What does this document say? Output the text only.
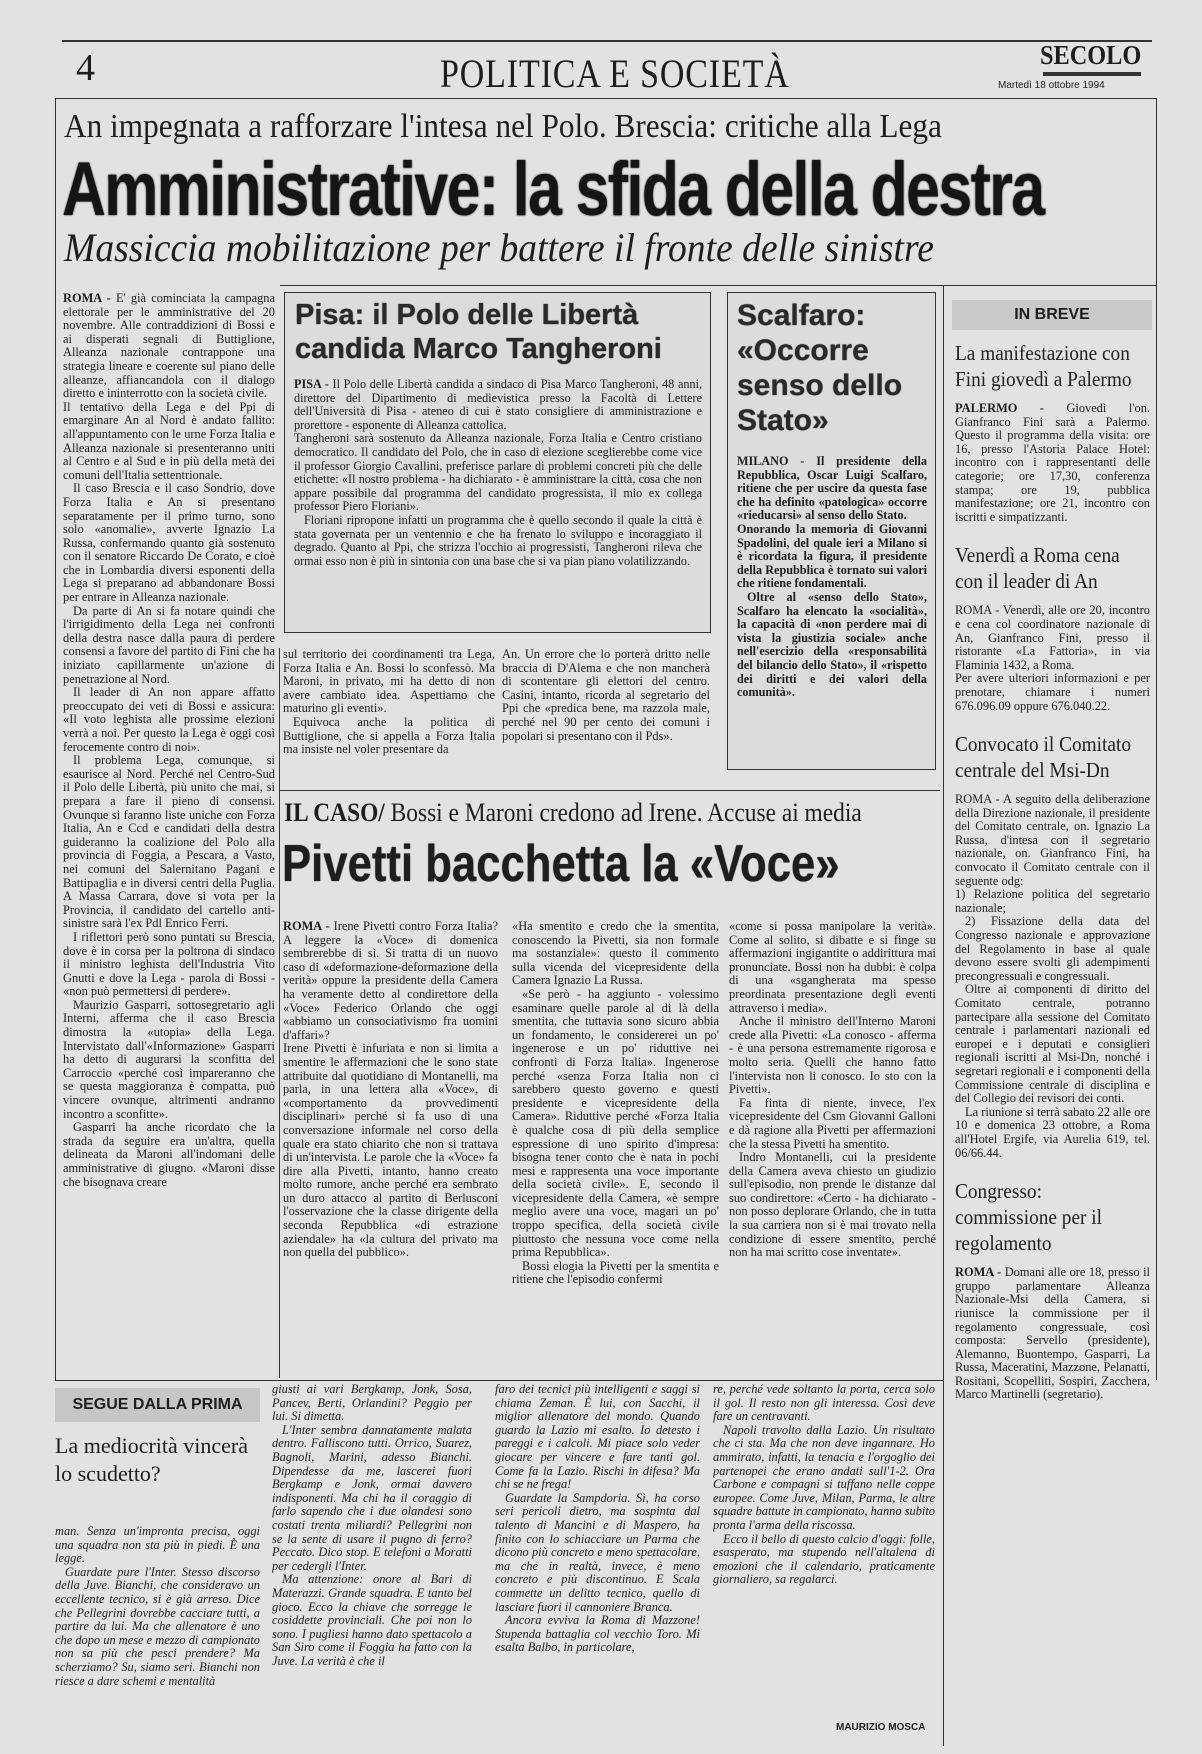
4	POLITICA E SOCIETÀ	SECOLO
Martedì 18 ottobre 1994
An impegnata a rafforzare l'intesa nel Polo. Brescia: critiche alla Lega
Amministrative: la sfida della destra
Massiccia mobilitazione per battere il fronte delle sinistre

ROMA - E' già cominciata la campagna elettorale per le amministrative del 20 novembre. Alle contraddizioni di Bossi e ai disperati segnali di Buttiglione, Alleanza nazionale contrappone una strategia lineare e coerente sul piano delle alleanze, affiancandola con il dialogo diretto e ininterrotto con la società civile.

Il tentativo della Lega e del Ppi di emarginare An al Nord è andato fallito: all'appuntamento con le urne Forza Italia e Alleanza nazionale si presenteranno uniti al Centro e al Sud e in più della metà dei comuni dell'Italia settentrionale.

Il caso Brescia e il caso Sondrio, dove Forza Italia e An si presentano separatamente per il primo turno, sono solo «anomalie», avverte Ignazio La Russa, confermando quanto già sostenuto con il senatore Riccardo De Corato, e cioè che in Lombardia diversi esponenti della Lega si preparano ad abbandonare Bossi per entrare in Alleanza nazionale.

Da parte di An si fa notare quindi che l'irrigidimento della Lega nei confronti della destra nasce dalla paura di perdere consensi a favore del partito di Fini che ha iniziato capillarmente un'azione di penetrazione al Nord.

Il leader di An non appare affatto preoccupato dei veti di Bossi e assicura: «Il voto leghista alle prossime elezioni verrà a noi. Per questo la Lega è oggi così ferocemente contro di noi».

Il problema Lega, comunque, si esaurisce al Nord. Perché nel Centro-Sud il Polo delle Libertà, più unito che mai, si prepara a fare il pieno di consensi. Ovunque si faranno liste uniche con Forza Italia, An e Ccd e candidati della destra guideranno la coalizione del Polo alla provincia di Foggia, a Pescara, a Vasto, nei comuni del Salernitano Pagani e Battipaglia e in diversi centri della Puglia. A Massa Carrara, dove si vota per la Provincia, il candidato del cartello anti-sinistre sarà l'ex Pdl Enrico Ferri.

I riflettori però sono puntati su Brescia, dove è in corsa per la poltrona di sindaco il ministro leghista dell'Industria Vito Gnutti e dove la Lega - parola di Bossi - «non può permettersi di perdere».

Maurizio Gasparri, sottosegretario agli Interni, afferma che il caso Brescia dimostra la «utopia» della Lega. Intervistato dall'«Informazione» Gasparri ha detto di augurarsi la sconfitta del Carroccio «perché così impareranno che se questa maggioranza è compatta, può vincere ovunque, altrimenti andranno incontro a sconfitte».

Gasparri ha anche ricordato che la strada da seguire era un'altra, quella delineata da Maroni all'indomani delle amministrative di giugno. «Maroni disse che bisognava creare

sul territorio dei coordinamenti tra Lega, Forza Italia e An. Bossi lo sconfessò. Ma Maroni, in privato, mi ha detto di non avere cambiato idea. Aspettiamo che maturino gli eventi».

Equivoca anche la politica di Buttiglione, che si appella a Forza Italia ma insiste nel voler presentare da

An. Un errore che lo porterà dritto nelle braccia di D'Alema e che non mancherà di scontentare gli elettori del centro. Casini, intanto, ricorda al segretario del Ppi che «predica bene, ma razzola male, perché nel 90 per cento dei comuni i popolari si presentano con il Pds».

Pisa: il Polo delle Libertà candida Marco Tangheroni

PISA - Il Polo delle Libertà candida a sindaco di Pisa Marco Tangheroni, 48 anni, direttore del Dipartimento di medievistica presso la Facoltà di Lettere dell'Università di Pisa - ateneo di cui è stato consigliere di amministrazione e prorettore - esponente di Alleanza cattolica.

Tangheroni sarà sostenuto da Alleanza nazionale, Forza Italia e Centro cristiano democratico. Il candidato del Polo, che in caso di elezione sceglierebbe come vice il professor Giorgio Cavallini, preferisce parlare di problemi concreti più che delle etichette: «Il nostro problema - ha dichiarato - è amministrare la città, cosa che non appare possibile dal programma del candidato progressista, il mio ex collega professor Piero Floriani».

Floriani ripropone infatti un programma che è quello secondo il quale la città è stata governata per un ventennio e che ha frenato lo sviluppo e incoraggiato il degrado. Quanto al Ppi, che strizza l'occhio ai progressisti, Tangheroni rileva che ormai esso non è più in sintonia con una base che si va pian piano volatilizzando.

Scalfaro: «Occorre senso dello Stato»

MILANO - Il presidente della Repubblica, Oscar Luigi Scalfaro, ritiene che per uscire da questa fase che ha definito «patologica» occorre «rieducarsi» al senso dello Stato.

Onorando la memoria di Giovanni Spadolini, del quale ieri a Milano si è ricordata la figura, il presidente della Repubblica è tornato sui valori che ritiene fondamentali.

Oltre al «senso dello Stato», Scalfaro ha elencato la «socialità», la capacità di «non perdere mai di vista la giustizia sociale» anche nell'esercizio della «responsabilità del bilancio dello Stato», il «rispetto dei diritti e dei valori della comunità».

IN BREVE
La manifestazione con Fini giovedì a Palermo

PALERMO - Giovedì l'on. Gianfranco Fini sarà a Palermo. Questo il programma della visita: ore 16, presso l'Astoria Palace Hotel: incontro con i rappresentanti delle categorie; ore 17,30, conferenza stampa; ore 19, pubblica manifestazione; ore 21, incontro con iscritti e simpatizzanti.

Venerdì a Roma cena con il leader di An

ROMA - Venerdì, alle ore 20, incontro e cena col coordinatore nazionale di An, Gianfranco Fini, presso il ristorante «La Fattoria», in via Flaminia 1432, a Roma.

Per avere ulteriori informazioni e per prenotare, chiamare i numeri 676.096.09 oppure 676.040.22.

Convocato il Comitato centrale del Msi-Dn

ROMA - A seguito della deliberazione della Direzione nazionale, il presidente del Comitato centrale, on. Ignazio La Russa, d'intesa con il segretario nazionale, on. Gianfranco Fini, ha convocato il Comitato centrale con il seguente odg:

1) Relazione politica del segretario nazionale;

2) Fissazione della data del Congresso nazionale e approvazione del Regolamento in base al quale devono essere svolti gli adempimenti precongressuali e congressuali.

Oltre ai componenti di diritto del Comitato centrale, potranno partecipare alla sessione del Comitato centrale i parlamentari nazionali ed europei e i deputati e consiglieri regionali iscritti al Msi-Dn, nonché i segretari regionali e i componenti della Commissione centrale di disciplina e del Collegio dei revisori dei conti.

La riunione si terrà sabato 22 alle ore 10 e domenica 23 ottobre, a Roma all'Hotel Ergife, via Aurelia 619, tel. 06/66.44.

Congresso: commissione per il regolamento

ROMA - Domani alle ore 18, presso il gruppo parlamentare Alleanza Nazionale-Msi della Camera, si riunisce la commissione per il regolamento congressuale, così composta: Servello (presidente), Alemanno, Buontempo, Gasparri, La Russa, Maceratini, Mazzone, Pelanatti, Rositani, Scopelliti, Sospiri, Zacchera, Marco Martinelli (segretario).

IL CASO/ Bossi e Maroni credono ad Irene. Accuse ai media
Pivetti bacchetta la «Voce»

ROMA - Irene Pivetti contro Forza Italia? A leggere la «Voce» di domenica sembrerebbe di sì. Si tratta di un nuovo caso di «deformazione-deformazione della verità» oppure la presidente della Camera ha veramente detto al condirettore della «Voce» Federico Orlando che oggi «abbiamo un consociativismo fra uomini d'affari»?

Irene Pivetti è infuriata e non si limita a smentire le affermazioni che le sono state attribuite dal quotidiano di Montanelli, ma parla, in una lettera alla «Voce», di «comportamento da provvedimenti disciplinari» perché si fa uso di una conversazione informale nel corso della quale era stato chiarito che non si trattava di un'intervista. Le parole che la «Voce» fa dire alla Pivetti, intanto, hanno creato molto rumore, anche perché era sembrato un duro attacco al partito di Berlusconi l'osservazione che la classe dirigente della seconda Repubblica «di estrazione aziendale» ha «la cultura del privato ma non quella del pubblico».

«Ha smentito e credo che la smentita, conoscendo la Pivetti, sia non formale ma sostanziale»: questo il commento sulla vicenda del vicepresidente della Camera Ignazio La Russa.

«Se però - ha aggiunto - volessimo esaminare quelle parole al di là della smentita, che tuttavia sono sicuro abbia un fondamento, le considererei un po' ingenerose e un po' riduttive nei confronti di Forza Italia». Ingenerose perché «senza Forza Italia non ci sarebbero questo governo e questi presidente e vicepresidente della Camera». Riduttive perché «Forza Italia è qualche cosa di più della semplice espressione di uno spirito d'impresa: bisogna tener conto che è nata in pochi mesi e rappresenta una voce importante della società civile». E, secondo il vicepresidente della Camera, «è sempre meglio avere una voce, magari un po' troppo specifica, della società civile piuttosto che nessuna voce come nella prima Repubblica».

Bossi elogia la Pivetti per la smentita e ritiene che l'episodio confermi

«come si possa manipolare la verità». Come al solito, si dibatte e si finge su affermazioni ingigantite o addirittura mai pronunciate. Bossi non ha dubbi: è colpa di una «sgangherata ma spesso preordinata presentazione degli eventi attraverso i media».

Anche il ministro dell'Interno Maroni crede alla Pivetti: «La conosco - afferma - è una persona estremamente rigorosa e molto seria. Quelli che hanno fatto l'intervista non li conosco. Io sto con la Pivetti».

Fa finta di niente, invece, l'ex vicepresidente del Csm Giovanni Galloni e dà ragione alla Pivetti per affermazioni che la stessa Pivetti ha smentito.

Indro Montanelli, cui la presidente della Camera aveva chiesto un giudizio sull'episodio, non prende le distanze dal suo condirettore: «Certo - ha dichiarato - non posso deplorare Orlando, che in tutta la sua carriera non si è mai trovato nella condizione di essere smentito, perché non ha mai scritto cose inventate».

SEGUE DALLA PRIMA
La mediocrità vincerà lo scudetto?

man. Senza un'impronta precisa, oggi una squadra non sta più in piedi. È una legge.

Guardate pure l'Inter. Stesso discorso della Juve. Bianchi, che consideravo un eccellente tecnico, si è già arreso. Dice che Pellegrini dovrebbe cacciare tutti, a partire da lui. Ma che allenatore è uno che dopo un mese e mezzo di campionato non sa più che pesci prendere? Ma scherziamo? Su, siamo seri. Bianchi non riesce a dare schemi e mentalità

giusti ai vari Bergkamp, Jonk, Sosa, Pancev, Berti, Orlandini? Peggio per lui. Si dimetta.

L'Inter sembra dannatamente malata dentro. Falliscono tutti. Orrico, Suarez, Bagnoli, Marini, adesso Bianchi. Dipendesse da me, lascerei fuori Bergkamp e Jonk, ormai davvero indisponenti. Ma chi ha il coraggio di farlo sapendo che i due olandesi sono costati trenta miliardi? Pellegrini non se la sente di usare il pugno di ferro? Peccato. Dico stop. E telefoni a Moratti per cedergli l'Inter.

Ma attenzione: onore al Bari di Materazzi. Grande squadra. E tanto bel gioco. Ecco la chiave che sorregge le cosiddette provinciali. Che poi non lo sono. I pugliesi hanno dato spettacolo a San Siro come il Foggia ha fatto con la Juve. La verità è che il

faro dei tecnici più intelligenti e saggi si chiama Zeman. È lui, con Sacchi, il miglior allenatore del mondo. Quando guardo la Lazio mi esalto. Io detesto i pareggi e i calcoli. Mi piace solo veder giocare per vincere e fare tanti gol. Come fa la Lazio. Rischi in difesa? Ma chi se ne frega!

Guardate la Sampdoria. Sì, ha corso seri pericoli dietro, ma sospinta dal talento di Mancini e di Maspero, ha finito con lo schiacciare un Parma che dicono più concreto e meno spettacolare, ma che in realtà, invece, è meno concreto e più discontinuo. E Scala commette un delitto tecnico, quello di lasciare fuori il cannoniere Branca.

Ancora evviva la Roma di Mazzone! Stupenda battaglia col vecchio Toro. Mi esalta Balbo, in particolare,

re, perché vede soltanto la porta, cerca solo il gol. Il resto non gli interessa. Così deve fare un centravanti.

Napoli travolto dalla Lazio. Un risultato che ci sta. Ma che non deve ingannare. Ho ammirato, infatti, la tenacia e l'orgoglio dei partenopei che erano andati sull'1-2. Ora Carbone e compagni si tuffano nelle coppe europee. Come Juve, Milan, Parma, le altre squadre battute in campionato, hanno subito pronta l'arma della riscossa.

Ecco il bello di questo calcio d'oggi: folle, esasperato, ma stupendo nell'altalena di emozioni che il calendario, praticamente giornaliero, sa regalarci.

MAURIZIO MOSCA
